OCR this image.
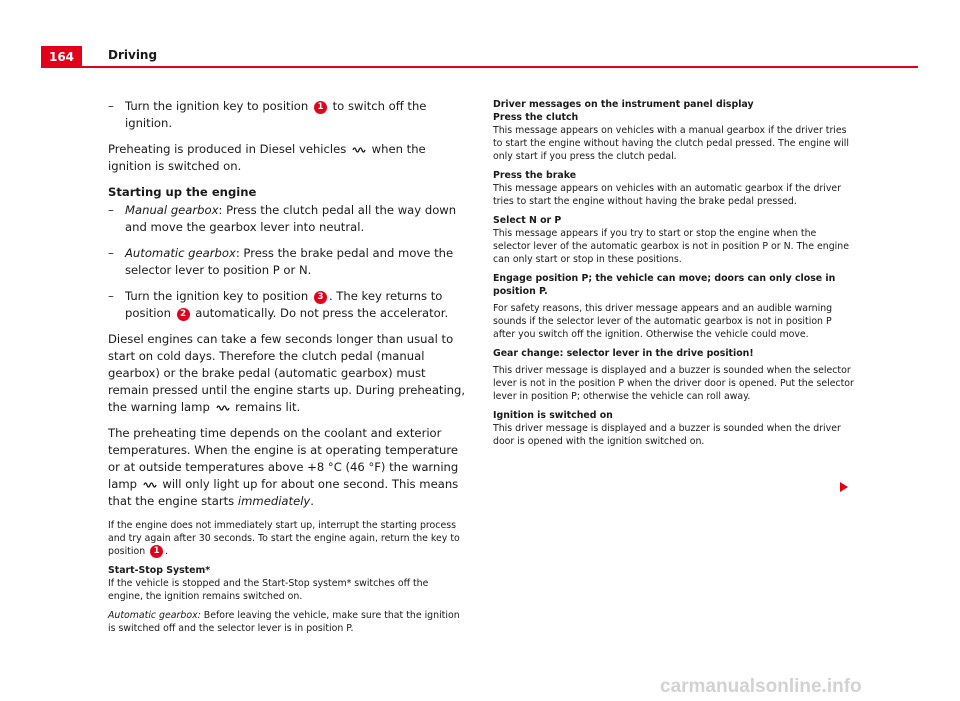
164	Driving
– Turn the ignition key to position 1 to switch off the ignition.

Preheating is produced in Diesel vehicles  when the ignition is switched on.

Starting up the engine
– Manual gearbox: Press the clutch pedal all the way down and move the gearbox lever into neutral.
– Automatic gearbox: Press the brake pedal and move the selector lever to position P or N.
– Turn the ignition key to position 3 . The key returns to position 2 automatically. Do not press the accelerator.

Diesel engines can take a few seconds longer than usual to start on cold days. Therefore the clutch pedal (manual gearbox) or the brake pedal (automatic gearbox) must remain pressed until the engine starts up. During preheating, the warning lamp  remains lit.

The preheating time depends on the coolant and exterior temperatures. When the engine is at operating temperature or at outside temperatures above +8 °C (46 °F) the warning lamp  will only light up for about one second. This means that the engine starts immediately.

If the engine does not immediately start up, interrupt the starting process and try again after 30 seconds. To start the engine again, return the key to position 1 .

Start-Stop System*

If the vehicle is stopped and the Start-Stop system* switches off the engine, the ignition remains switched on.

Automatic gearbox: Before leaving the vehicle, make sure that the ignition is switched off and the selector lever is in position P.

Driver messages on the instrument panel display

Press the clutch

This message appears on vehicles with a manual gearbox if the driver tries to start the engine without having the clutch pedal pressed. The engine will only start if you press the clutch pedal.

Press the brake

This message appears on vehicles with an automatic gearbox if the driver tries to start the engine without having the brake pedal pressed.

Select N or P

This message appears if you try to start or stop the engine when the selector lever of the automatic gearbox is not in position P or N. The engine can only start or stop in these positions.

Engage position P; the vehicle can move; doors can only close in position P.

For safety reasons, this driver message appears and an audible warning sounds if the selector lever of the automatic gearbox is not in position P after you switch off the ignition. Otherwise the vehicle could move.

Gear change: selector lever in the drive position!

This driver message is displayed and a buzzer is sounded when the selector lever is not in the position P when the driver door is opened. Put the selector lever in position P; otherwise the vehicle can roll away.

Ignition is switched on

This driver message is displayed and a buzzer is sounded when the driver door is opened with the ignition switched on.

carmanualsonline.info
